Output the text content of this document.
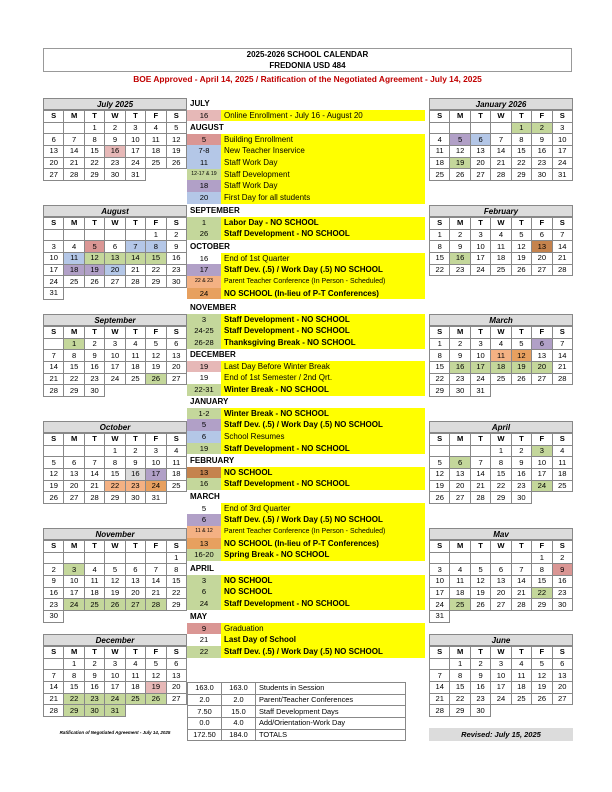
2025-2026 SCHOOL CALENDAR
FREDONIA USD 484
BOE Approved - April 14, 2025 / Ratification of the Negotiated Agreement - July 14, 2025
July 2025
S	M	T	W	T	F	S
		1	2	3	4	5
6	7	8	9	10	11	12
13	14	15	16	17	18	19
20	21	22	23	24	25	26
27	28	29	30	31		
August
S	M	T	W	T	F	S
					1	2
3	4	5	6	7	8	9
10	11	12	13	14	15	16
17	18	19	20	21	22	23
24	25	26	27	28	29	30
31						
September
S	M	T	W	T	F	S
	1	2	3	4	5	6
7	8	9	10	11	12	13
14	15	16	17	18	19	20
21	22	23	24	25	26	27
28	29	30				
October
S	M	T	W	T	F	S
			1	2	3	4
5	6	7	8	9	10	11
12	13	14	15	16	17	18
19	20	21	22	23	24	25
26	27	28	29	30	31	
November
S	M	T	W	T	F	S
						1
2	3	4	5	6	7	8
9	10	11	12	13	14	15
16	17	18	19	20	21	22
23	24	25	26	27	28	29
30						
December
S	M	T	W	T	F	S
	1	2	3	4	5	6
7	8	9	10	11	12	13
14	15	16	17	18	19	20
21	22	23	24	25	26	27
28	29	30	31			
January 2026
S	M	T	W	T	F	S
				1	2	3
4	5	6	7	8	9	10
11	12	13	14	15	16	17
18	19	20	21	22	23	24
25	26	27	28	29	30	31
February
S	M	T	W	T	F	S
1	2	3	4	5	6	7
8	9	10	11	12	13	14
15	16	17	18	19	20	21
22	23	24	25	26	27	28
March
S	M	T	W	T	F	S
1	2	3	4	5	6	7
8	9	10	11	12	13	14
15	16	17	18	19	20	21
22	23	24	25	26	27	28
29	30	31				
April
S	M	T	W	T	F	S
			1	2	3	4
5	6	7	8	9	10	11
12	13	14	15	16	17	18
19	20	21	22	23	24	25
26	27	28	29	30		
Mav
S	M	T	W	T	F	S
					1	2
3	4	5	6	7	8	9
10	11	12	13	14	15	16
17	18	19	20	21	22	23
24	25	26	27	28	29	30
31						
June
S	M	T	W	T	F	S
	1	2	3	4	5	6
7	8	9	10	11	12	13
14	15	16	17	18	19	20
21	22	23	24	25	26	27
28	29	30				
JULY
16	Online Enrollment - July 16 - August 20
AUGUST
5	Building Enrollment
7-8	New Teacher Inservice
11	Staff Work Day
12-17 & 19 Staff Development
18	Staff Work Day
20	First Day for all students
SEPTEMBER
1	Labor Day - NO SCHOOL
26	Staff Development - NO SCHOOL
OCTOBER
16	End of 1st Quarter
17	Staff Dev. (.5) / Work Day (.5) NO SCHOOL
22 & 23	Parent Teacher Conference (In Person - Scheduled)
24	NO SCHOOL (In-lieu of P-T Conferences)
NOVEMBER
3	Staff Development - NO SCHOOL
24-25	Staff Development - NO SCHOOL
26-28	Thanksgiving Break - NO SCHOOL
DECEMBER
19	Last Day Before Winter Break
19	End of 1st Semester / 2nd Qrt.
22-31	Winter Break - NO SCHOOL
JANUARY
1-2	Winter Break - NO SCHOOL
5	Staff Dev. (.5) / Work Day (.5) NO SCHOOL
6	School Resumes
19	Staff Development - NO SCHOOL
FEBRUARY
13	NO SCHOOL
16	Staff Development - NO SCHOOL
MARCH
5	End of 3rd Quarter
6	Staff Dev. (.5) / Work Day (.5) NO SCHOOL
11 & 12	Parent Teacher Conference (In Person - Scheduled)
13	NO SCHOOL (In-lieu of P-T Conferences)
16-20	Spring Break - NO SCHOOL
APRIL
3	NO SCHOOL
6	NO SCHOOL
24	Staff Development - NO SCHOOL
MAY
9	Graduation
21	Last Day of School
22	Staff Dev. (.5) / Work Day (.5) NO SCHOOL
163.0	163.0	Students in Session
2.0	2.0	Parent/Teacher Conferences
7.50	15.0	Staff Development Days
0.0	4.0	Add/Orientation-Work Day
172.50	184.0	TOTALS
Ratification of Negotiated Agreement - July 14, 2025	Revised: July 15, 2025
